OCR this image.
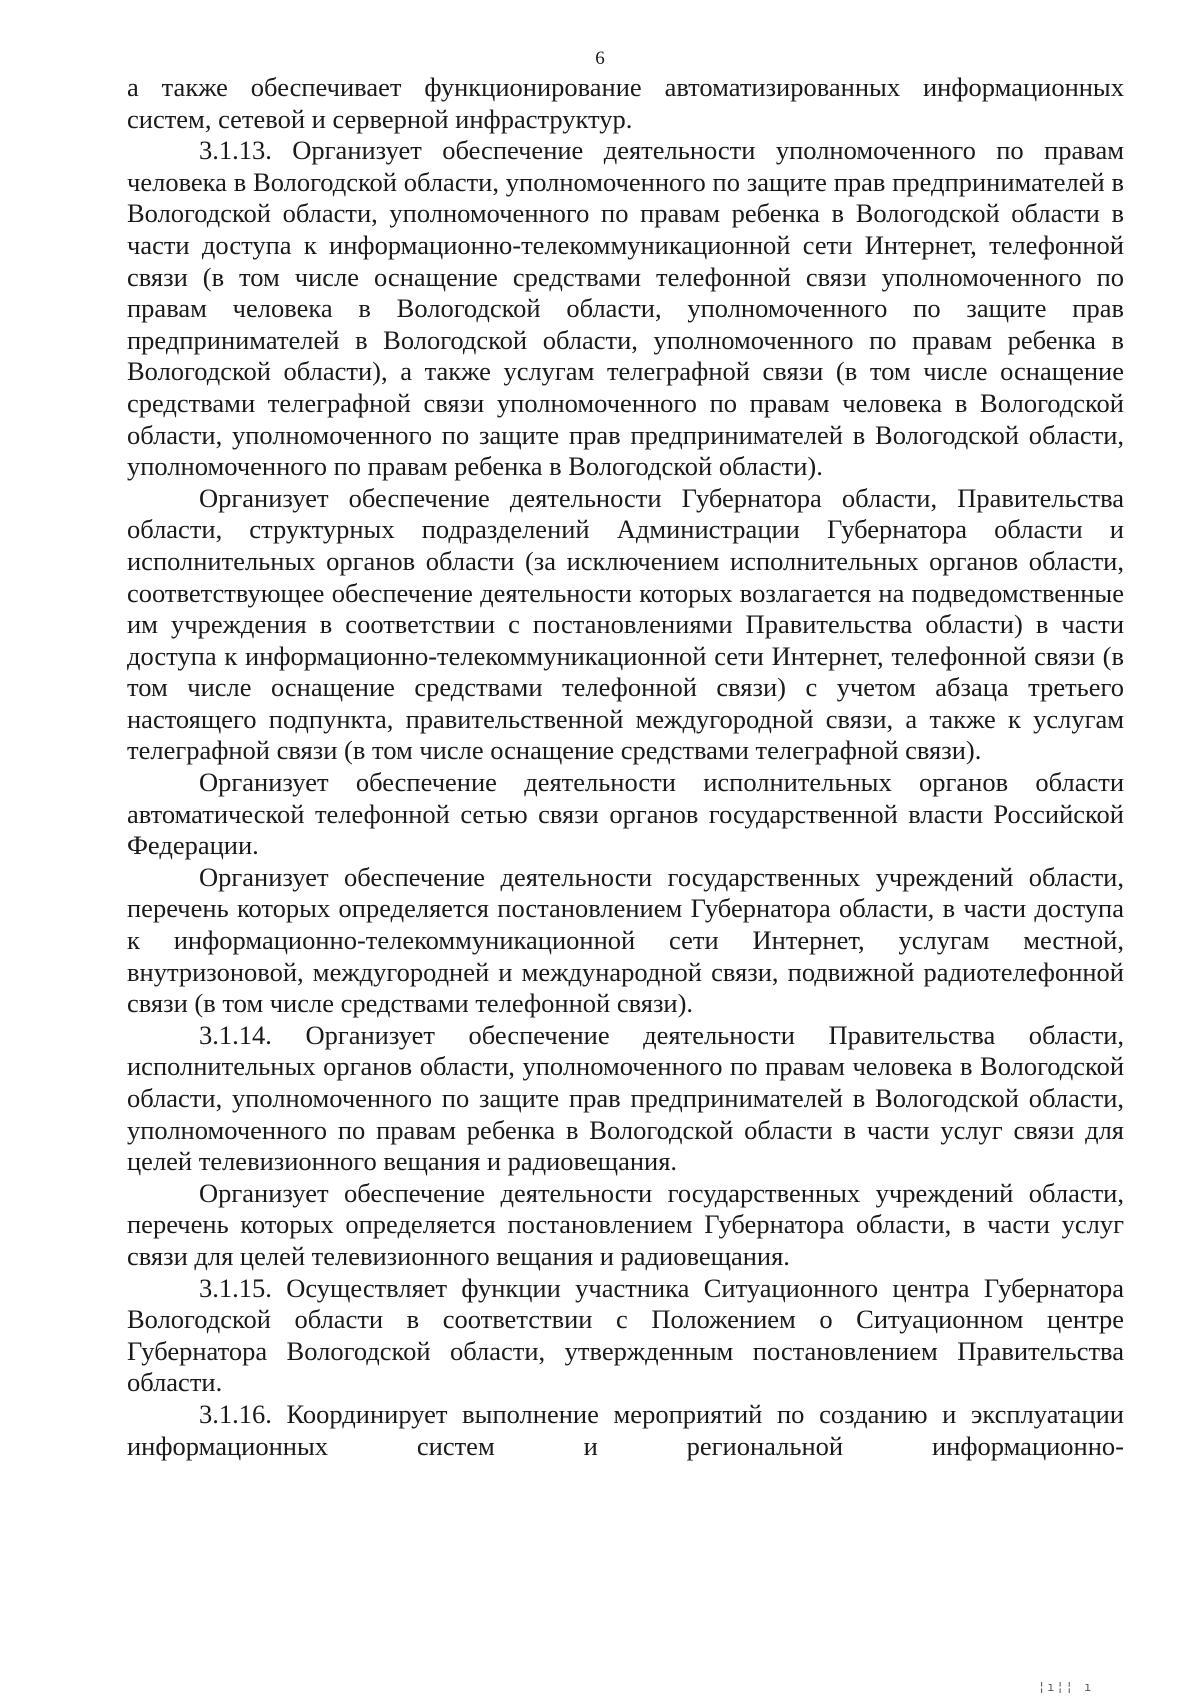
6

а также обеспечивает функционирование автоматизированных информационных систем, сетевой и серверной инфраструктур.

3.1.13. Организует обеспечение деятельности уполномоченного по правам человека в Вологодской области, уполномоченного по защите прав предпринимателей в Вологодской области, уполномоченного по правам ребенка в Вологодской области в части доступа к информационно-телекоммуникационной сети Интернет, телефонной связи (в том числе оснащение средствами телефонной связи уполномоченного по правам человека в Вологодской области, уполномоченного по защите прав предпринимателей в Вологодской области, уполномоченного по правам ребенка в Вологодской области), а также услугам телеграфной связи (в том числе оснащение средствами телеграфной связи уполномоченного по правам человека в Вологодской области, уполномоченного по защите прав предпринимателей в Вологодской области, уполномоченного по правам ребенка в Вологодской области).

Организует обеспечение деятельности Губернатора области, Правительства области, структурных подразделений Администрации Губернатора области и исполнительных органов области (за исключением исполнительных органов области, соответствующее обеспечение деятельности которых возлагается на подведомственные им учреждения в соответствии с постановлениями Правительства области) в части доступа к информационно-телекоммуникационной сети Интернет, телефонной связи (в том числе оснащение средствами телефонной связи) с учетом абзаца третьего настоящего подпункта, правительственной междугородной связи, а также к услугам телеграфной связи (в том числе оснащение средствами телеграфной связи).

Организует обеспечение деятельности исполнительных органов области автоматической телефонной сетью связи органов государственной власти Российской Федерации.

Организует обеспечение деятельности государственных учреждений области, перечень которых определяется постановлением Губернатора области, в части доступа к информационно-телекоммуникационной сети Интернет, услугам местной, внутризоновой, междугородней и международной связи, подвижной радиотелефонной связи (в том числе средствами телефонной связи).

3.1.14. Организует обеспечение деятельности Правительства области, исполнительных органов области, уполномоченного по правам человека в Вологодской области, уполномоченного по защите прав предпринимателей в Вологодской области, уполномоченного по правам ребенка в Вологодской области в части услуг связи для целей телевизионного вещания и радиовещания.

Организует обеспечение деятельности государственных учреждений области, перечень которых определяется постановлением Губернатора области, в части услуг связи для целей телевизионного вещания и радиовещания.

3.1.15. Осуществляет функции участника Ситуационного центра Губернатора Вологодской области в соответствии с Положением о Ситуационном центре Губернатора Вологодской области, утвержденным постановлением Правительства области.

3.1.16. Координирует выполнение мероприятий по созданию и эксплуатации информационных систем и региональной информационно-

¦ı¦¦ ı
